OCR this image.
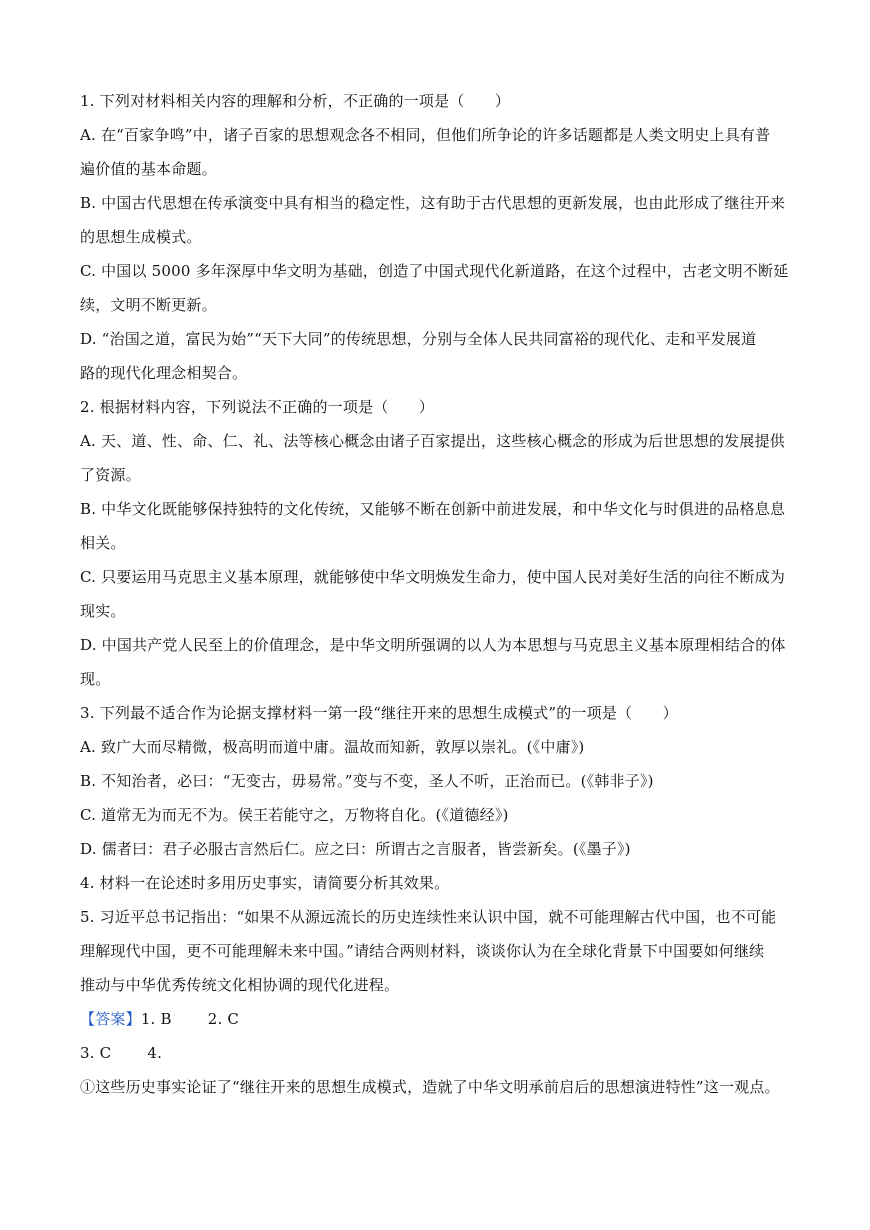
1. 下列对材料相关内容的理解和分析，不正确的一项是（　　）
A. 在“百家争鸣”中，诸子百家的思想观念各不相同，但他们所争论的许多话题都是人类文明史上具有普
遍价值的基本命题。
B. 中国古代思想在传承演变中具有相当的稳定性，这有助于古代思想的更新发展，也由此形成了继往开来
的思想生成模式。
C. 中国以 5000 多年深厚中华文明为基础，创造了中国式现代化新道路，在这个过程中，古老文明不断延
续，文明不断更新。
D. “治国之道，富民为始”“天下大同”的传统思想，分别与全体人民共同富裕的现代化、走和平发展道
路的现代化理念相契合。
2. 根据材料内容，下列说法不正确的一项是（　　）
A. 天、道、性、命、仁、礼、法等核心概念由诸子百家提出，这些核心概念的形成为后世思想的发展提供
了资源。
B. 中华文化既能够保持独特的文化传统，又能够不断在创新中前进发展，和中华文化与时俱进的品格息息
相关。
C. 只要运用马克思主义基本原理，就能够使中华文明焕发生命力，使中国人民对美好生活的向往不断成为
现实。
D. 中国共产党人民至上的价值理念，是中华文明所强调的以人为本思想与马克思主义基本原理相结合的体
现。
3. 下列最不适合作为论据支撑材料一第一段“继往开来的思想生成模式”的一项是（　　）
A. 致广大而尽精微，极高明而道中庸。温故而知新，敦厚以崇礼。(《中庸》)
B. 不知治者，必曰：“无变古，毋易常。”变与不变，圣人不听，正治而已。(《韩非子》)
C. 道常无为而无不为。侯王若能守之，万物将自化。(《道德经》)
D. 儒者曰：君子必服古言然后仁。应之曰：所谓古之言服者，皆尝新矣。(《墨子》)
4. 材料一在论述时多用历史事实，请简要分析其效果。
5. 习近平总书记指出：“如果不从源远流长的历史连续性来认识中国，就不可能理解古代中国，也不可能
理解现代中国，更不可能理解未来中国。”请结合两则材料，谈谈你认为在全球化背景下中国要如何继续
推动与中华优秀传统文化相协调的现代化进程。
【答案】1. B 2. C
3. C 4.
①这些历史事实论证了“继往开来的思想生成模式，造就了中华文明承前启后的思想演进特性”这一观点。
